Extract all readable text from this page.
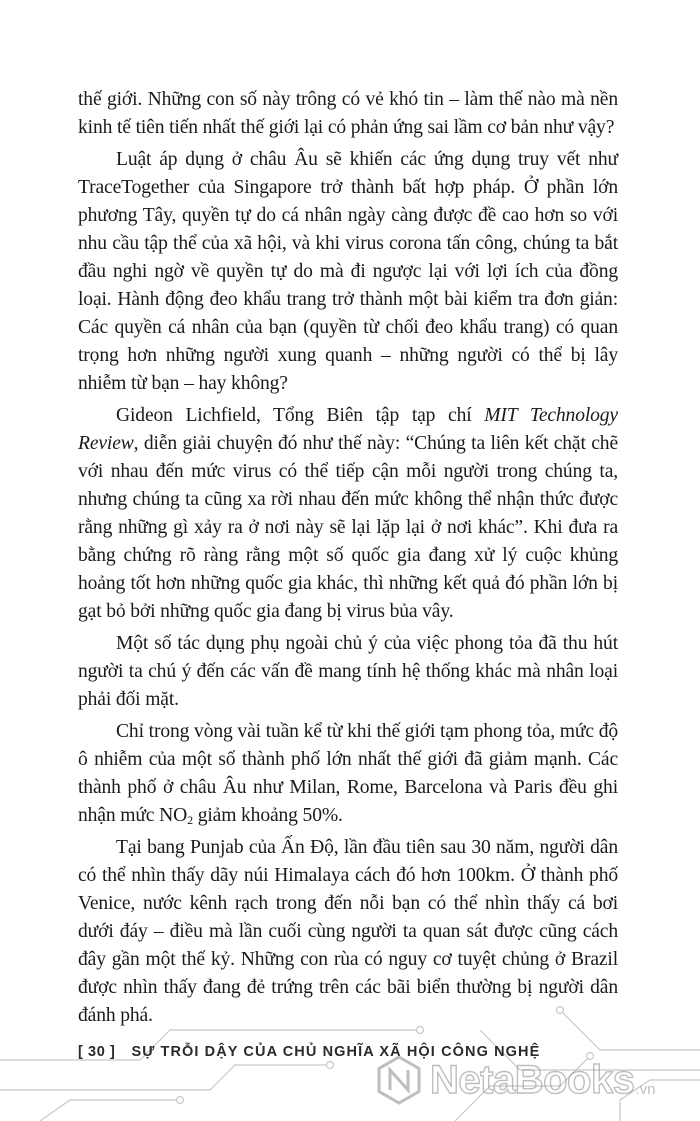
thế giới. Những con số này trông có vẻ khó tin – làm thế nào mà nền kinh tế tiên tiến nhất thế giới lại có phản ứng sai lầm cơ bản như vậy?

Luật áp dụng ở châu Âu sẽ khiến các ứng dụng truy vết như TraceTogether của Singapore trở thành bất hợp pháp. Ở phần lớn phương Tây, quyền tự do cá nhân ngày càng được đề cao hơn so với nhu cầu tập thể của xã hội, và khi virus corona tấn công, chúng ta bắt đầu nghi ngờ về quyền tự do mà đi ngược lại với lợi ích của đồng loại. Hành động đeo khẩu trang trở thành một bài kiểm tra đơn giản: Các quyền cá nhân của bạn (quyền từ chối đeo khẩu trang) có quan trọng hơn những người xung quanh – những người có thể bị lây nhiễm từ bạn – hay không?

Gideon Lichfield, Tổng Biên tập tạp chí MIT Technology Review, diễn giải chuyện đó như thế này: “Chúng ta liên kết chặt chẽ với nhau đến mức virus có thể tiếp cận mỗi người trong chúng ta, nhưng chúng ta cũng xa rời nhau đến mức không thể nhận thức được rằng những gì xảy ra ở nơi này sẽ lại lặp lại ở nơi khác”. Khi đưa ra bằng chứng rõ ràng rằng một số quốc gia đang xử lý cuộc khủng hoảng tốt hơn những quốc gia khác, thì những kết quả đó phần lớn bị gạt bỏ bởi những quốc gia đang bị virus bủa vây.

Một số tác dụng phụ ngoài chủ ý của việc phong tỏa đã thu hút người ta chú ý đến các vấn đề mang tính hệ thống khác mà nhân loại phải đối mặt.

Chỉ trong vòng vài tuần kể từ khi thế giới tạm phong tỏa, mức độ ô nhiễm của một số thành phố lớn nhất thế giới đã giảm mạnh. Các thành phố ở châu Âu như Milan, Rome, Barcelona và Paris đều ghi nhận mức $NO_2$ giảm khoảng 50%.

Tại bang Punjab của Ấn Độ, lần đầu tiên sau 30 năm, người dân có thể nhìn thấy dãy núi Himalaya cách đó hơn 100km. Ở thành phố Venice, nước kênh rạch trong đến nỗi bạn có thể nhìn thấy cá bơi dưới đáy – điều mà lần cuối cùng người ta quan sát được cũng cách đây gần một thế kỷ. Những con rùa có nguy cơ tuyệt chủng ở Brazil được nhìn thấy đang đẻ trứng trên các bãi biển thường bị người dân đánh phá.

[ 30 ] SỰ TRỖI DẬY CỦA CHỦ NGHĨA XÃ HỘI CÔNG NGHỆ
NetaBooks .vn
